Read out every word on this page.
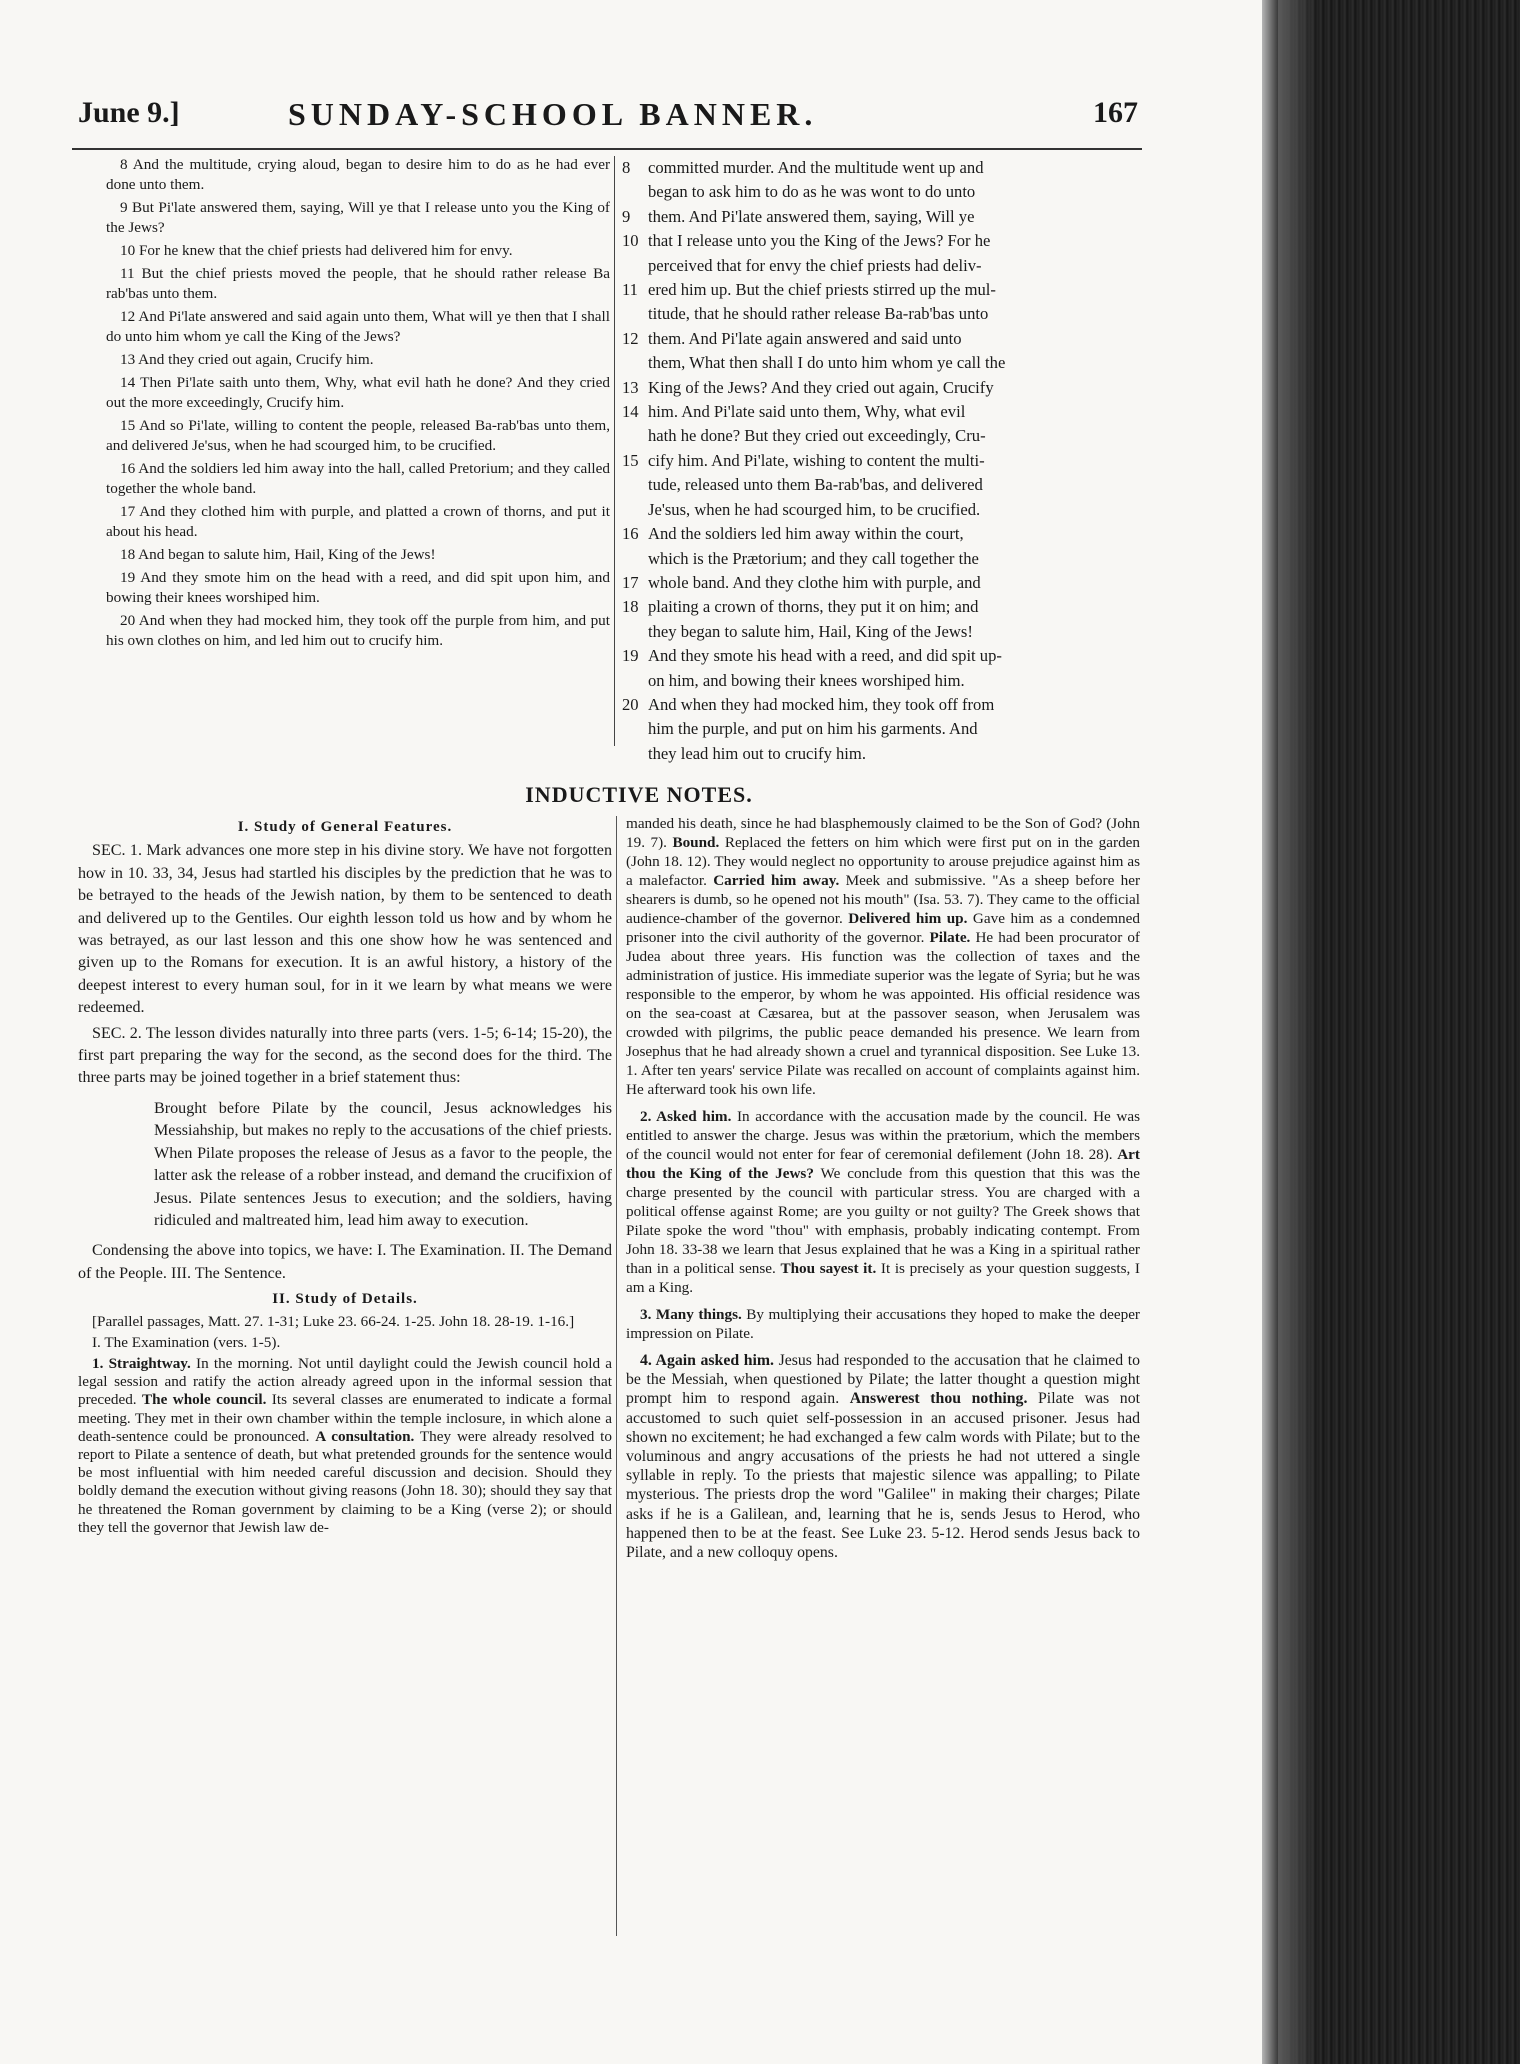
June 9.]	SUNDAY-SCHOOL BANNER.	167

8 And the multitude, crying aloud, began to desire him to do as he had ever done unto them.

9 But Pi'late answered them, saying, Will ye that I release unto you the King of the Jews?

10 For he knew that the chief priests had delivered him for envy.

11 But the chief priests moved the people, that he should rather release Ba rab'bas unto them.

12 And Pi'late answered and said again unto them, What will ye then that I shall do unto him whom ye call the King of the Jews?

13 And they cried out again, Crucify him.

14 Then Pi'late saith unto them, Why, what evil hath he done? And they cried out the more exceedingly, Crucify him.

15 And so Pi'late, willing to content the people, released Ba-rab'bas unto them, and delivered Je'sus, when he had scourged him, to be crucified.

16 And the soldiers led him away into the hall, called Pretorium; and they called together the whole band.

17 And they clothed him with purple, and platted a crown of thorns, and put it about his head.

18 And began to salute him, Hail, King of the Jews!

19 And they smote him on the head with a reed, and did spit upon him, and bowing their knees worshiped him.

20 And when they had mocked him, they took off the purple from him, and put his own clothes on him, and led him out to crucify him.

8	committed murder. And the multitude went up and
began to ask him to do as he was wont to do unto
9	them. And Pi'late answered them, saying, Will ye
10 that I release unto you the King of the Jews? For he
perceived that for envy the chief priests had deliv-
11 ered him up. But the chief priests stirred up the mul-
titude, that he should rather release Ba-rab'bas unto
12 them. And Pi'late again answered and said unto
them, What then shall I do unto him whom ye call the
13 King of the Jews? And they cried out again, Crucify
14 him. And Pi'late said unto them, Why, what evil
hath he done? But they cried out exceedingly, Cru-
15 cify him. And Pi'late, wishing to content the multi-
tude, released unto them Ba-rab'bas, and delivered
Je'sus, when he had scourged him, to be crucified.
16 And the soldiers led him away within the court,
which is the Prætorium; and they call together the
17 whole band. And they clothe him with purple, and
18 plaiting a crown of thorns, they put it on him; and
they began to salute him, Hail, King of the Jews!
19 And they smote his head with a reed, and did spit up-
on him, and bowing their knees worshiped him.
20 And when they had mocked him, they took off from
him the purple, and put on him his garments. And
they lead him out to crucify him.
INDUCTIVE NOTES.

I. Study of General Features.

SEC. 1. Mark advances one more step in his divine story. We have not forgotten how in 10. 33, 34, Jesus had startled his disciples by the prediction that he was to be betrayed to the heads of the Jewish nation, by them to be sentenced to death and delivered up to the Gentiles. Our eighth lesson told us how and by whom he was betrayed, as our last lesson and this one show how he was sentenced and given up to the Romans for execution. It is an awful history, a history of the deepest interest to every human soul, for in it we learn by what means we were redeemed.

SEC. 2. The lesson divides naturally into three parts (vers. 1-5; 6-14; 15-20), the first part preparing the way for the second, as the second does for the third. The three parts may be joined together in a brief statement thus:

Brought before Pilate by the council, Jesus acknowledges his Messiahship, but makes no reply to the accusations of the chief priests. When Pilate proposes the release of Jesus as a favor to the people, the latter ask the release of a robber instead, and demand the crucifixion of Jesus. Pilate sentences Jesus to execution; and the soldiers, having ridiculed and maltreated him, lead him away to execution.

Condensing the above into topics, we have: I. The Examination. II. The Demand of the People. III. The Sentence.

II. Study of Details.

[Parallel passages, Matt. 27. 1-31; Luke 23. 66-24. 1-25. John 18. 28-19. 1-16.]

I. The Examination (vers. 1-5).

1. Straightway. In the morning. Not until daylight could the Jewish council hold a legal session and ratify the action already agreed upon in the informal session that preceded. The whole council. Its several classes are enumerated to indicate a formal meeting. They met in their own chamber within the temple inclosure, in which alone a death-sentence could be pronounced. A consultation. They were already resolved to report to Pilate a sentence of death, but what pretended grounds for the sentence would be most influential with him needed careful discussion and decision. Should they boldly demand the execution without giving reasons (John 18. 30); should they say that he threatened the Roman government by claiming to be a King (verse 2); or should they tell the governor that Jewish law de-

manded his death, since he had blasphemously claimed to be the Son of God? (John 19. 7). Bound. Replaced the fetters on him which were first put on in the garden (John 18. 12). They would neglect no opportunity to arouse prejudice against him as a malefactor. Carried him away. Meek and submissive. "As a sheep before her shearers is dumb, so he opened not his mouth" (Isa. 53. 7). They came to the official audience-chamber of the governor. Delivered him up. Gave him as a condemned prisoner into the civil authority of the governor. Pilate. He had been procurator of Judea about three years. His function was the collection of taxes and the administration of justice. His immediate superior was the legate of Syria; but he was responsible to the emperor, by whom he was appointed. His official residence was on the sea-coast at Cæsarea, but at the passover season, when Jerusalem was crowded with pilgrims, the public peace demanded his presence. We learn from Josephus that he had already shown a cruel and tyrannical disposition. See Luke 13. 1. After ten years' service Pilate was recalled on account of complaints against him. He afterward took his own life.

2. Asked him. In accordance with the accusation made by the council. He was entitled to answer the charge. Jesus was within the prætorium, which the members of the council would not enter for fear of ceremonial defilement (John 18. 28). Art thou the King of the Jews? We conclude from this question that this was the charge presented by the council with particular stress. You are charged with a political offense against Rome; are you guilty or not guilty? The Greek shows that Pilate spoke the word "thou" with emphasis, probably indicating contempt. From John 18. 33-38 we learn that Jesus explained that he was a King in a spiritual rather than in a political sense. Thou sayest it. It is precisely as your question suggests, I am a King.

3. Many things. By multiplying their accusations they hoped to make the deeper impression on Pilate.

4. Again asked him. Jesus had responded to the accusation that he claimed to be the Messiah, when questioned by Pilate; the latter thought a question might prompt him to respond again. Answerest thou nothing. Pilate was not accustomed to such quiet self-possession in an accused prisoner. Jesus had shown no excitement; he had exchanged a few calm words with Pilate; but to the voluminous and angry accusations of the priests he had not uttered a single syllable in reply. To the priests that majestic silence was appalling; to Pilate mysterious. The priests drop the word "Galilee" in making their charges; Pilate asks if he is a Galilean, and, learning that he is, sends Jesus to Herod, who happened then to be at the feast. See Luke 23. 5-12. Herod sends Jesus back to Pilate, and a new colloquy opens.
